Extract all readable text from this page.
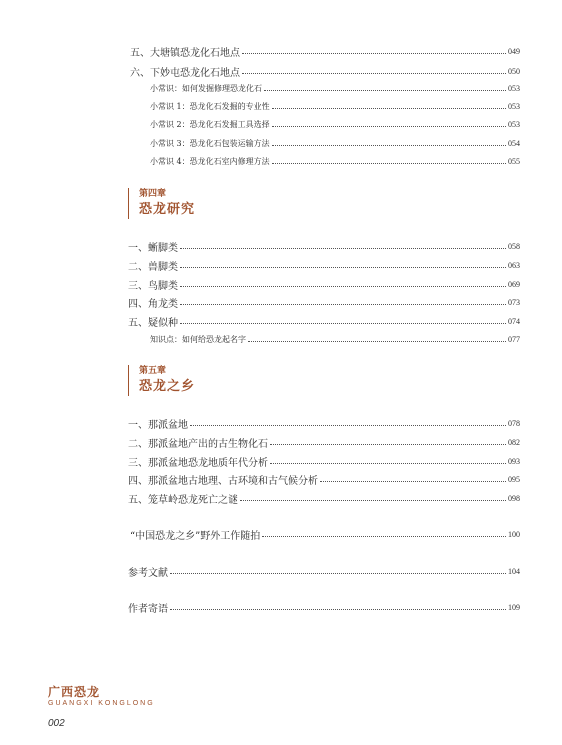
五、大塘镇恐龙化石地点	049
六、下妙屯恐龙化石地点	050
小常识：如何发掘修理恐龙化石	053
小常识 1：恐龙化石发掘的专业性	053
小常识 2：恐龙化石发掘工具选择	053
小常识 3：恐龙化石包装运输方法	054
小常识 4：恐龙化石室内修理方法	055
一、蜥脚类	058
二、兽脚类	063
三、鸟脚类	069
四、角龙类	073
五、疑似种	074
知识点：如何给恐龙起名字	077
一、那派盆地	078
二、那派盆地产出的古生物化石	082
三、那派盆地恐龙地质年代分析	093
四、那派盆地古地理、古环境和古气候分析	095
五、笼草岭恐龙死亡之谜	098
“中国恐龙之乡”野外工作随拍	100
参考文献	104
作者寄语	109
第四章
恐龙研究
第五章
恐龙之乡
广西恐龙
GUANGXI KONGLONG
002
